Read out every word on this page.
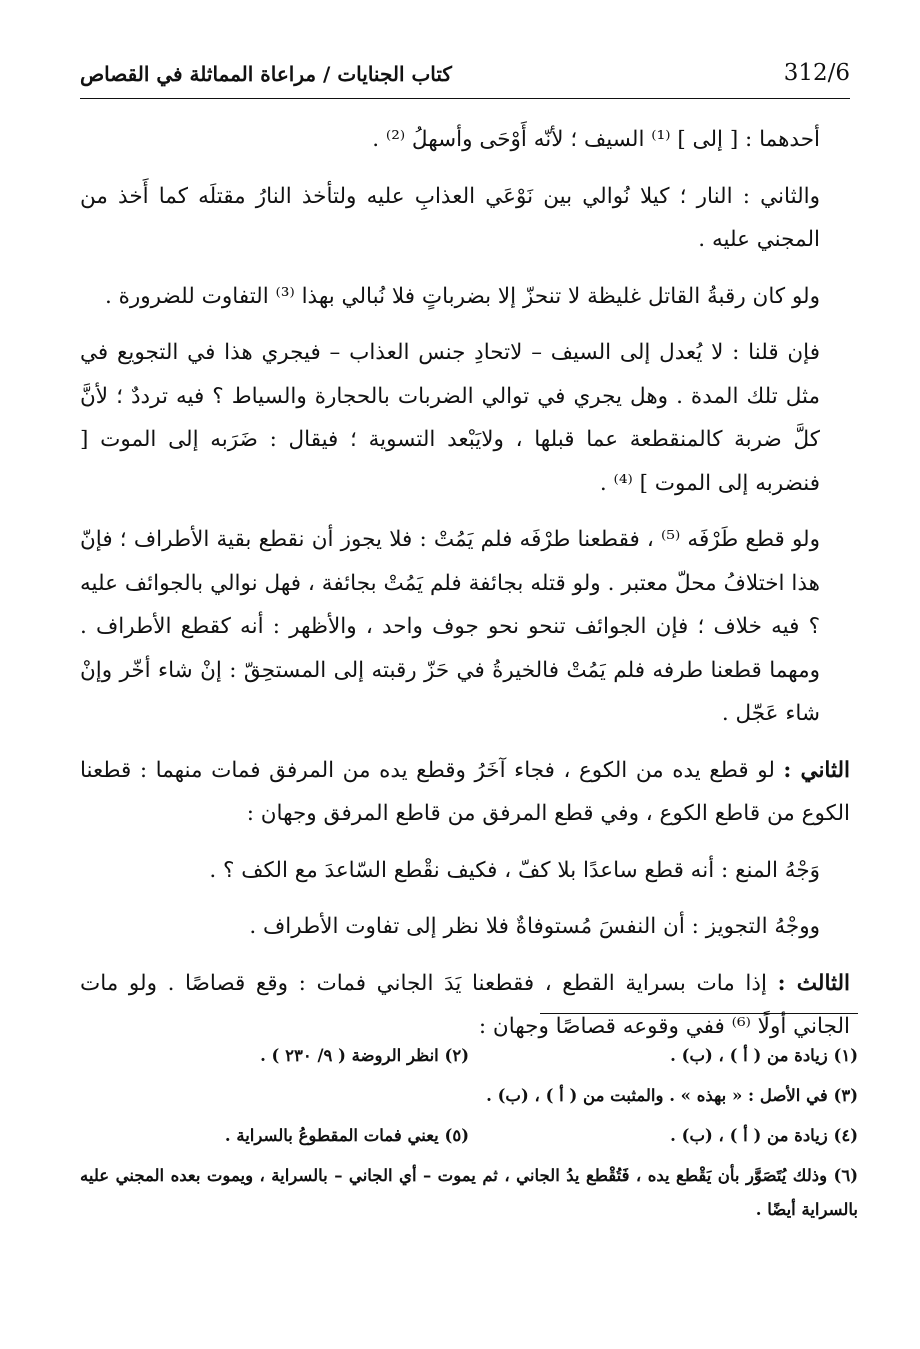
312/6
كتاب الجنايات / مراعاة المماثلة في القصاص

أحدهما : [ إلى ] ⁽¹⁾ السيف ؛ لأنّه أَوْحَى وأسهلُ ⁽²⁾ .

والثاني : النار ؛ كيلا نُوالي بين نَوْعَي العذابِ عليه ولتأخذ النارُ مقتلَه كما أَخذ من المجني عليه .

ولو كان رقبةُ القاتل غليظة لا تنحزّ إلا بضرباتٍ فلا نُبالي بهذا ⁽³⁾ التفاوت للضرورة .

فإن قلنا : لا يُعدل إلى السيف – لاتحادِ جنس العذاب – فيجري هذا في التجويع في مثل تلك المدة . وهل يجري في توالي الضربات بالحجارة والسياط ؟ فيه ترددٌ ؛ لأنَّ كلَّ ضربة كالمنقطعة عما قبلها ، ولايَبْعد التسوية ؛ فيقال : ضَرَبه إلى الموت [ فنضربه إلى الموت ] ⁽⁴⁾ .

ولو قطع طَرْفَه ⁽⁵⁾ ، فقطعنا طرْفَه فلم يَمُتْ : فلا يجوز أن نقطع بقية الأطراف ؛ فإنّ هذا اختلافُ محلّ معتبر . ولو قتله بجائفة فلم يَمُتْ بجائفة ، فهل نوالي بالجوائف عليه ؟ فيه خلاف ؛ فإن الجوائف تنحو نحو جوف واحد ، والأظهر : أنه كقطع الأطراف . ومهما قطعنا طرفه فلم يَمُتْ فالخيرةُ في حَزّ رقبته إلى المستحِقّ : إنْ شاء أخّر وإنْ شاء عَجّل .

الثاني : لو قطع يده من الكوع ، فجاء آخَرُ وقطع يده من المرفق فمات منهما : قطعنا الكوع من قاطع الكوع ، وفي قطع المرفق من قاطع المرفق وجهان :

وَجْهُ المنع : أنه قطع ساعدًا بلا كفّ ، فكيف نقْطع السّاعدَ مع الكف ؟ .

ووجْهُ التجويز : أن النفسَ مُستوفاةٌ فلا نظر إلى تفاوت الأطراف .

الثالث : إذا مات بسراية القطع ، فقطعنا يَدَ الجاني فمات : وقع قصاصًا . ولو مات الجاني أولًا ⁽⁶⁾ ففي وقوعه قصاصًا وجهان :

(١) زيادة من ( أ ) ، (ب) .
(٢) انظر الروضة ( ٩/ ٢٣٠ ) .
(٣) في الأصل : « بهذه » . والمثبت من ( أ ) ، (ب) .
(٤) زيادة من ( أ ) ، (ب) .
(٥) يعني فمات المقطوعُ بالسراية .
(٦) وذلك يُتَصَوَّر بأن يَقْطع يده ، فَتُقْطع يدُ الجاني ، ثم يموت – أي الجاني – بالسراية ، ويموت بعده المجني عليه بالسراية أيضًا .
